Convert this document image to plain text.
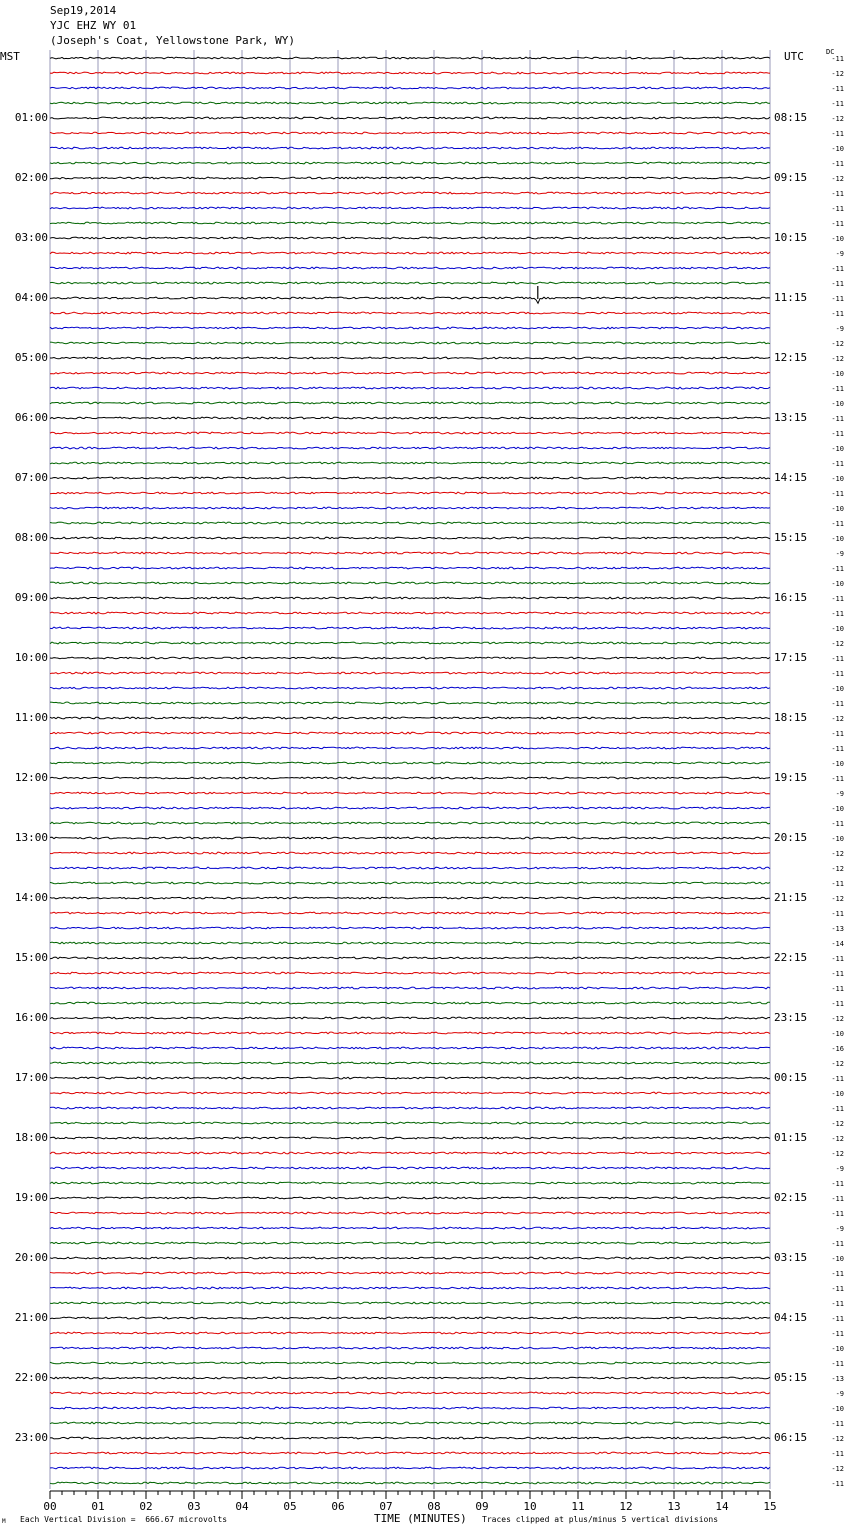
Sep19,2014
YJC EHZ WY 01
(Joseph's Coat, Yellowstone Park, WY)
MST	UTC	DC
01:00
02:00
03:00
04:00
05:00
06:00
07:00
08:00
09:00
10:00
11:00
12:00
13:00
14:00
15:00
16:00
17:00
18:00
19:00
20:00
21:00
22:00
23:00
08:15
09:15
10:15
11:15
12:15
13:15
14:15
15:15
16:15
17:15
18:15
19:15
20:15
21:15
22:15
23:15
00:15
01:15
02:15
03:15
04:15
05:15
06:15
-11
-12
-11
-11
-12
-11
-10
-11
-12
-11
-11
-11
-10
-9
-11
-11
-11
-11
-9
-12
-12
-10
-11
-10
-11
-11
-10
-11
-10
-11
-10
-11
-10
-9
-11
-10
-11
-11
-10
-12
-11
-11
-10
-11
-12
-11
-11
-10
-11
-9
-10
-11
-10
-12
-12
-11
-12
-11
-13
-14
-11
-11
-11
-11
-12
-10
-16
-12
-11
-10
-11
-12
-12
-12
-9
-11
-11
-11
-9
-11
-10
-11
-11
-11
-11
-11
-10
-11
-13
-9
-10
-11
-12
-11
-12
-11
00	01	02	03	04	05	06	07	08	09	10	11	12	13	14	15
Each Vertical Division =  666.67 microvolts	TIME (MINUTES) Traces clipped at plus/minus 5 vertical divisions
M
